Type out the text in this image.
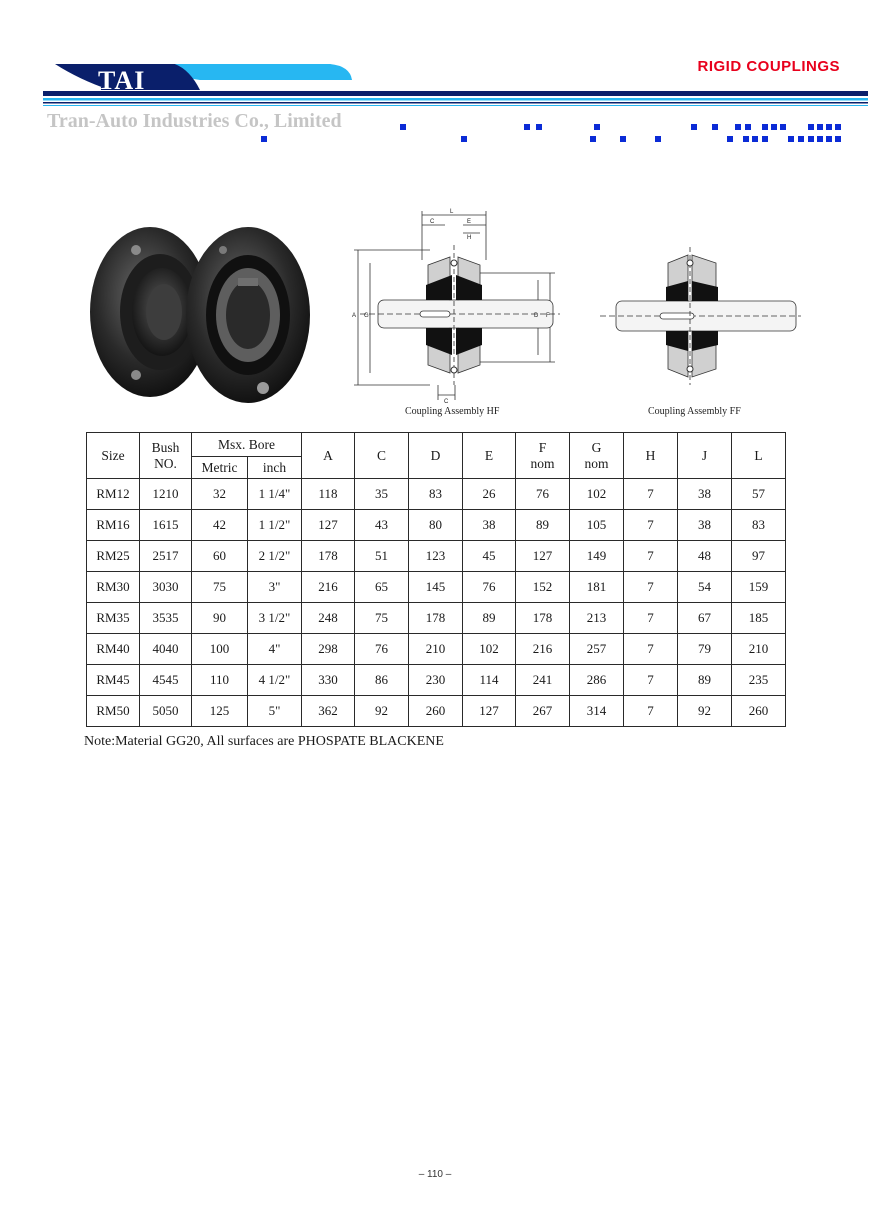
TAI	RIGID COUPLINGS
Tran-Auto Industries Co., Limited
L
C	E
H
A G	D F
C
Coupling Assembly HF	Coupling Assembly FF
Size	Bush NO.	Msx. Bore		A	C	D	E	F nom	G nom	H	J	L
		Metric	inch									
RM12	1210	32	1 1/4"	118	35	83	26	76	102	7	38	57
RM16	1615	42	1 1/2"	127	43	80	38	89	105	7	38	83
RM25	2517	60	2 1/2"	178	51	123	45	127	149	7	48	97
RM30	3030	75	3"	216	65	145	76	152	181	7	54	159
RM35	3535	90	3 1/2"	248	75	178	89	178	213	7	67	185
RM40	4040	100	4"	298	76	210	102	216	257	7	79	210
RM45	4545	110	4 1/2"	330	86	230	114	241	286	7	89	235
RM50	5050	125	5"	362	92	260	127	267	314	7	92	260
Note:Material GG20, All surfaces are PHOSPATE BLACKENE
– 110 –
